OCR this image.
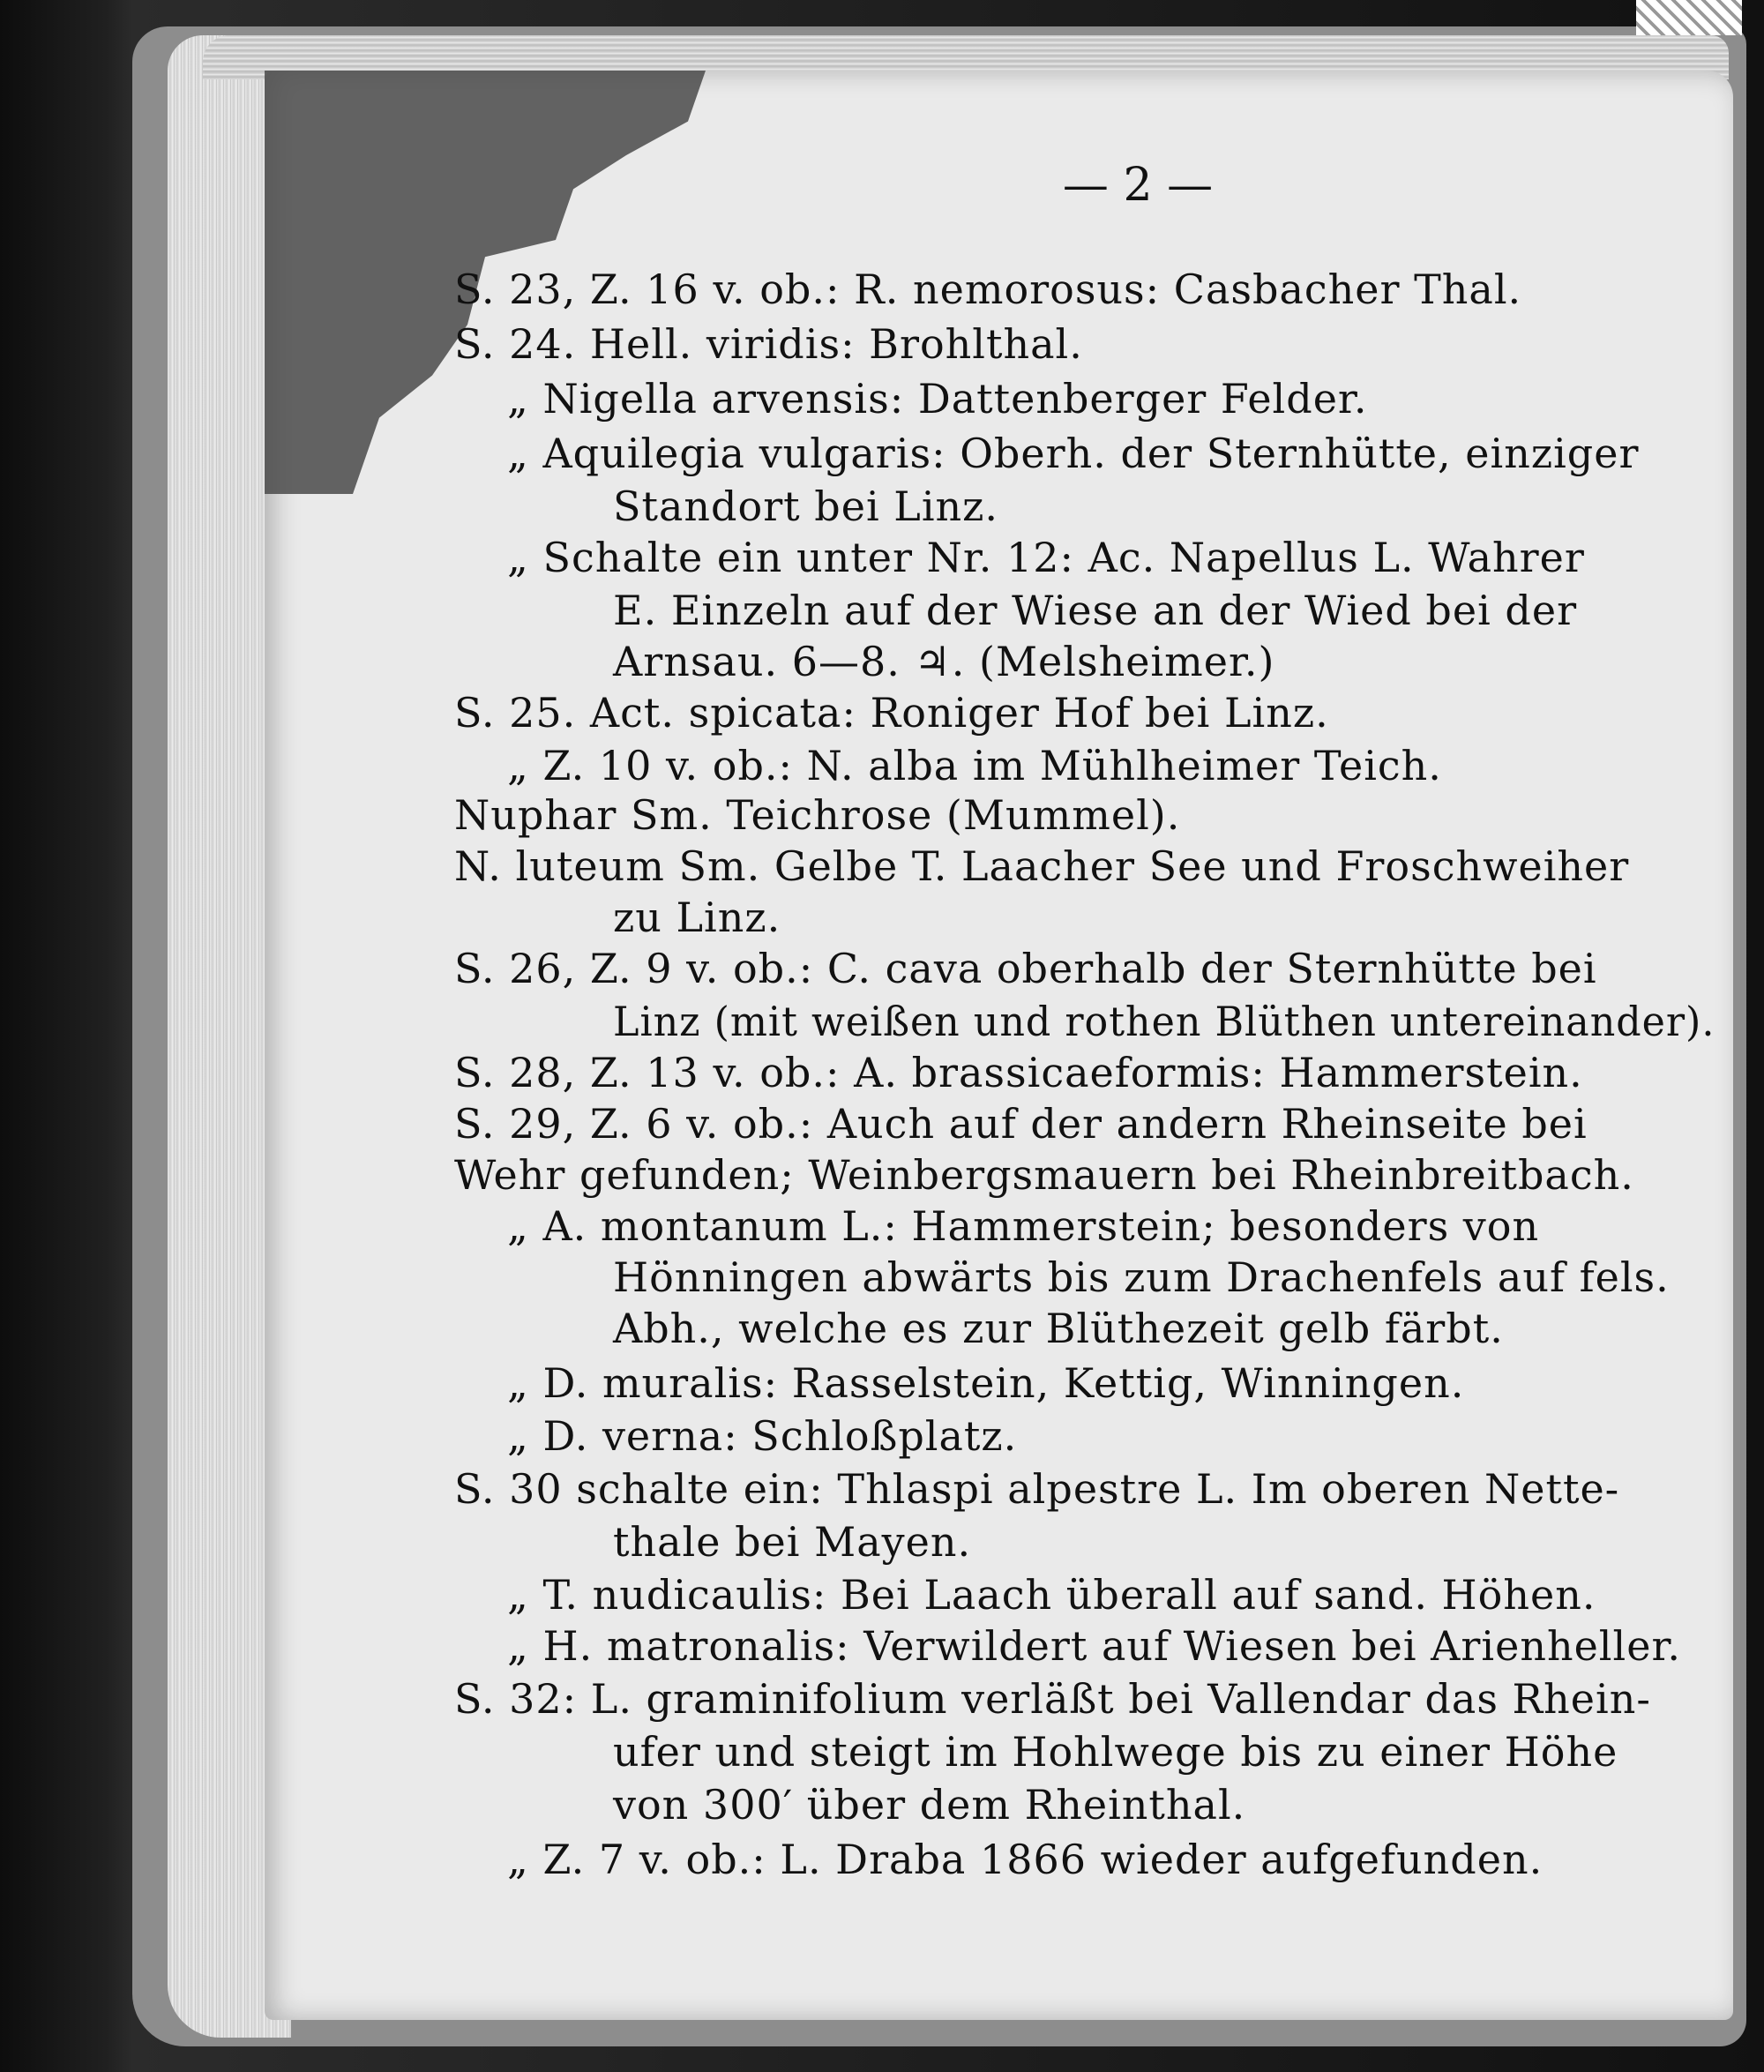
— 2 —
S. 23, Z. 16 v. ob.: R. nemorosus: Casbacher Thal.
S. 24. Hell. viridis: Brohlthal.
„ Nigella arvensis: Dattenberger Felder.
„ Aquilegia vulgaris: Oberh. der Sternhütte, einziger
Standort bei Linz.
„ Schalte ein unter Nr. 12: Ac. Napellus L. Wahrer
E. Einzeln auf der Wiese an der Wied bei der
Arnsau. 6—8. ♃. (Melsheimer.)
S. 25. Act. spicata: Roniger Hof bei Linz.
„ Z. 10 v. ob.: N. alba im Mühlheimer Teich.
Nuphar Sm. Teichrose (Mummel).
N. luteum Sm. Gelbe T. Laacher See und Froschweiher
zu Linz.
S. 26, Z. 9 v. ob.: C. cava oberhalb der Sternhütte bei
Linz (mit weißen und rothen Blüthen untereinander).
S. 28, Z. 13 v. ob.: A. brassicaeformis: Hammerstein.
S. 29, Z. 6 v. ob.: Auch auf der andern Rheinseite bei
Wehr gefunden; Weinbergsmauern bei Rheinbreitbach.
„ A. montanum L.: Hammerstein; besonders von
Hönningen abwärts bis zum Drachenfels auf fels.
Abh., welche es zur Blüthezeit gelb färbt.
„ D. muralis: Rasselstein, Kettig, Winningen.
„ D. verna: Schloßplatz.
S. 30 schalte ein: Thlaspi alpestre L. Im oberen Nette-
thale bei Mayen.
„ T. nudicaulis: Bei Laach überall auf sand. Höhen.
„ H. matronalis: Verwildert auf Wiesen bei Arienheller.
S. 32: L. graminifolium verläßt bei Vallendar das Rhein-
ufer und steigt im Hohlwege bis zu einer Höhe
von 300′ über dem Rheinthal.
„ Z. 7 v. ob.: L. Draba 1866 wieder aufgefunden.
